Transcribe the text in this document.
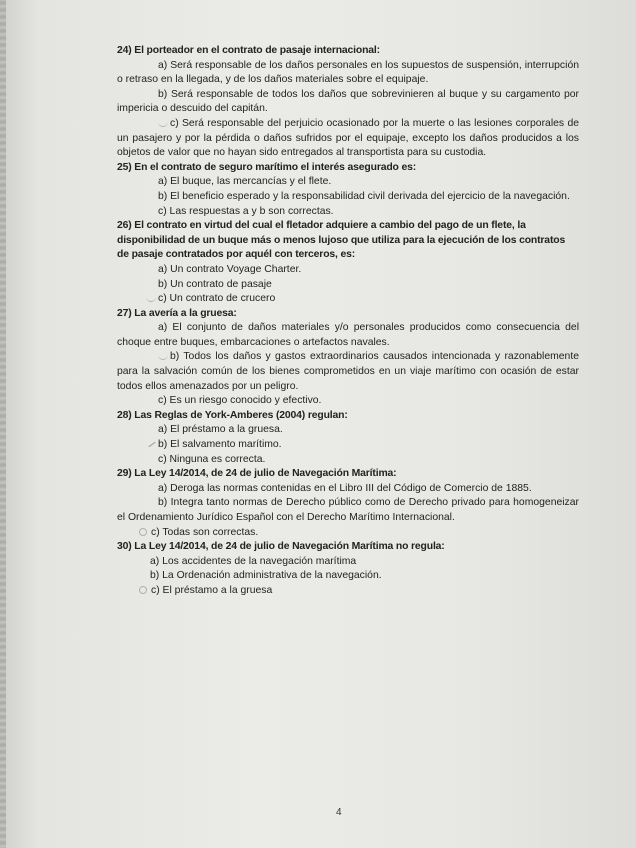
24) El porteador en el contrato de pasaje internacional:

a) Será responsable de los daños personales en los supuestos de suspensión, interrupción o retraso en la llegada, y de los daños materiales sobre el equipaje.

b) Será responsable de todos los daños que sobrevinieren al buque y su cargamento por impericia o descuido del capitán.

c) Será responsable del perjuicio ocasionado por la muerte o las lesiones corporales de un pasajero y por la pérdida o daños sufridos por el equipaje, excepto los daños producidos a los objetos de valor que no hayan sido entregados al transportista para su custodia.

25) En el contrato de seguro marítimo el interés asegurado es:

a) El buque, las mercancías y el flete.

b) El beneficio esperado y la responsabilidad civil derivada del ejercicio de la navegación.

c) Las respuestas a y b son correctas.

26) El contrato en virtud del cual el fletador adquiere a cambio del pago de un flete, la disponibilidad de un buque más o menos lujoso que utiliza para la ejecución de los contratos de pasaje contratados por aquél con terceros, es:

a) Un contrato Voyage Charter.

b) Un contrato de pasaje

c) Un contrato de crucero

27) La avería a la gruesa:

a) El conjunto de daños materiales y/o personales producidos como consecuencia del choque entre buques, embarcaciones o artefactos navales.

b) Todos los daños y gastos extraordinarios causados intencionada y razonablemente para la salvación común de los bienes comprometidos en un viaje marítimo con ocasión de estar todos ellos amenazados por un peligro.

c) Es un riesgo conocido y efectivo.

28) Las Reglas de York-Amberes (2004) regulan:

a) El préstamo a la gruesa.

b) El salvamento marítimo.

c) Ninguna es correcta.

29) La Ley 14/2014, de 24 de julio de Navegación Marítima:

a) Deroga las normas contenidas en el Libro III del Código de Comercio de 1885.

b) Integra tanto normas de Derecho público como de Derecho privado para homogeneizar el Ordenamiento Jurídico Español con el Derecho Marítimo Internacional.

c) Todas son correctas.

30) La Ley 14/2014, de 24 de julio de Navegación Marítima no regula:

a) Los accidentes de la navegación marítima

b) La Ordenación administrativa de la navegación.

c) El préstamo a la gruesa

4
